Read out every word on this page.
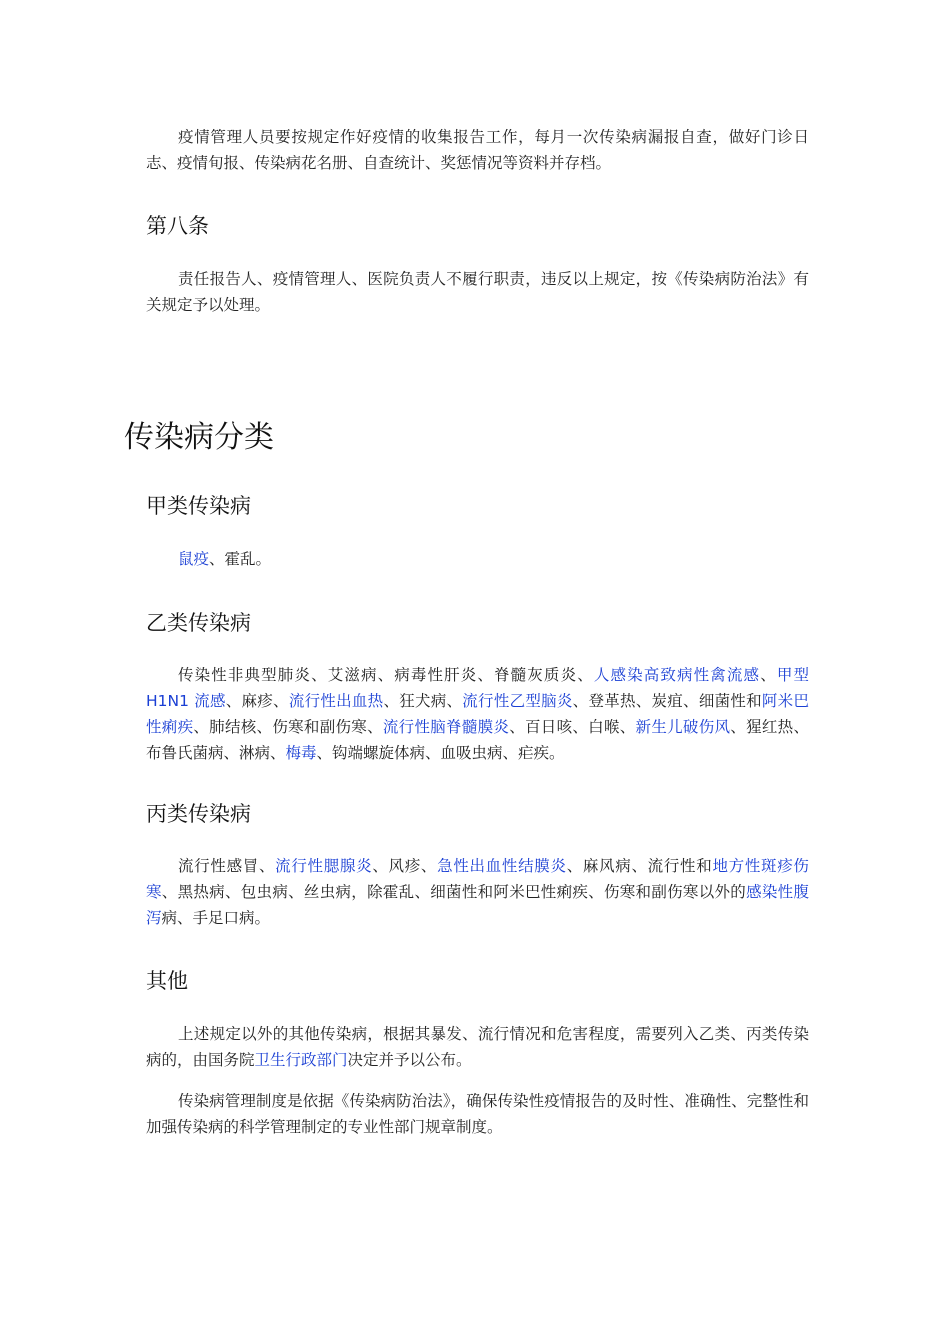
疫情管理人员要按规定作好疫情的收集报告工作，每月一次传染病漏报自查，做好门诊日志、疫情旬报、传染病花名册、自查统计、奖惩情况等资料并存档。

第八条

责任报告人、疫情管理人、医院负责人不履行职责，违反以上规定，按《传染病防治法》有关规定予以处理。

传染病分类
甲类传染病

鼠疫、霍乱。

乙类传染病

传染性非典型肺炎、艾滋病、病毒性肝炎、脊髓灰质炎、人感染高致病性禽流感、甲型 H1N1 流感、麻疹、流行性出血热、狂犬病、流行性乙型脑炎、登革热、炭疽、细菌性和阿米巴性痢疾、肺结核、伤寒和副伤寒、流行性脑脊髓膜炎、百日咳、白喉、新生儿破伤风、猩红热、布鲁氏菌病、淋病、梅毒、钩端螺旋体病、血吸虫病、疟疾。

丙类传染病

流行性感冒、流行性腮腺炎、风疹、急性出血性结膜炎、麻风病、流行性和地方性斑疹伤寒、黑热病、包虫病、丝虫病，除霍乱、细菌性和阿米巴性痢疾、伤寒和副伤寒以外的感染性腹泻病、手足口病。

其他

上述规定以外的其他传染病，根据其暴发、流行情况和危害程度，需要列入乙类、丙类传染病的，由国务院卫生行政部门决定并予以公布。

传染病管理制度是依据《传染病防治法》，确保传染性疫情报告的及时性、准确性、完整性和加强传染病的科学管理制定的专业性部门规章制度。
